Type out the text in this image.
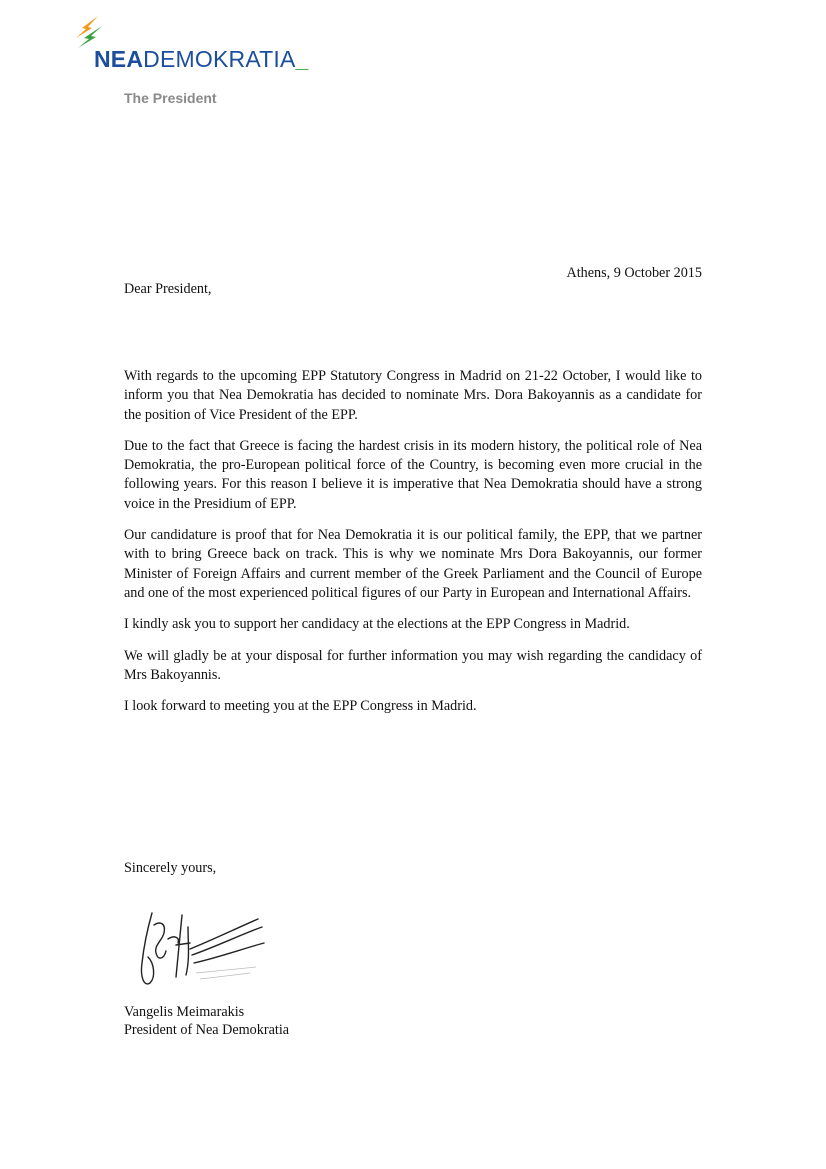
NEADEMOKRATIA_
The President
Athens, 9 October 2015
Dear President,

With regards to the upcoming EPP Statutory Congress in Madrid on 21-22 October, I would like to inform you that Nea Demokratia has decided to nominate Mrs. Dora Bakoyannis as a candidate for the position of Vice President of the EPP.

Due to the fact that Greece is facing the hardest crisis in its modern history, the political role of Nea Demokratia, the pro-European political force of the Country, is becoming even more crucial in the following years. For this reason I believe it is imperative that Nea Demokratia should have a strong voice in the Presidium of EPP.

Our candidature is proof that for Nea Demokratia it is our political family, the EPP, that we partner with to bring Greece back on track. This is why we nominate Mrs Dora Bakoyannis, our former Minister of Foreign Affairs and current member of the Greek Parliament and the Council of Europe and one of the most experienced political figures of our Party in European and International Affairs.

I kindly ask you to support her candidacy at the elections at the EPP Congress in Madrid.

We will gladly be at your disposal for further information you may wish regarding the candidacy of Mrs Bakoyannis.

I look forward to meeting you at the EPP Congress in Madrid.

Sincerely yours,
Vangelis Meimarakis
President of Nea Demokratia
